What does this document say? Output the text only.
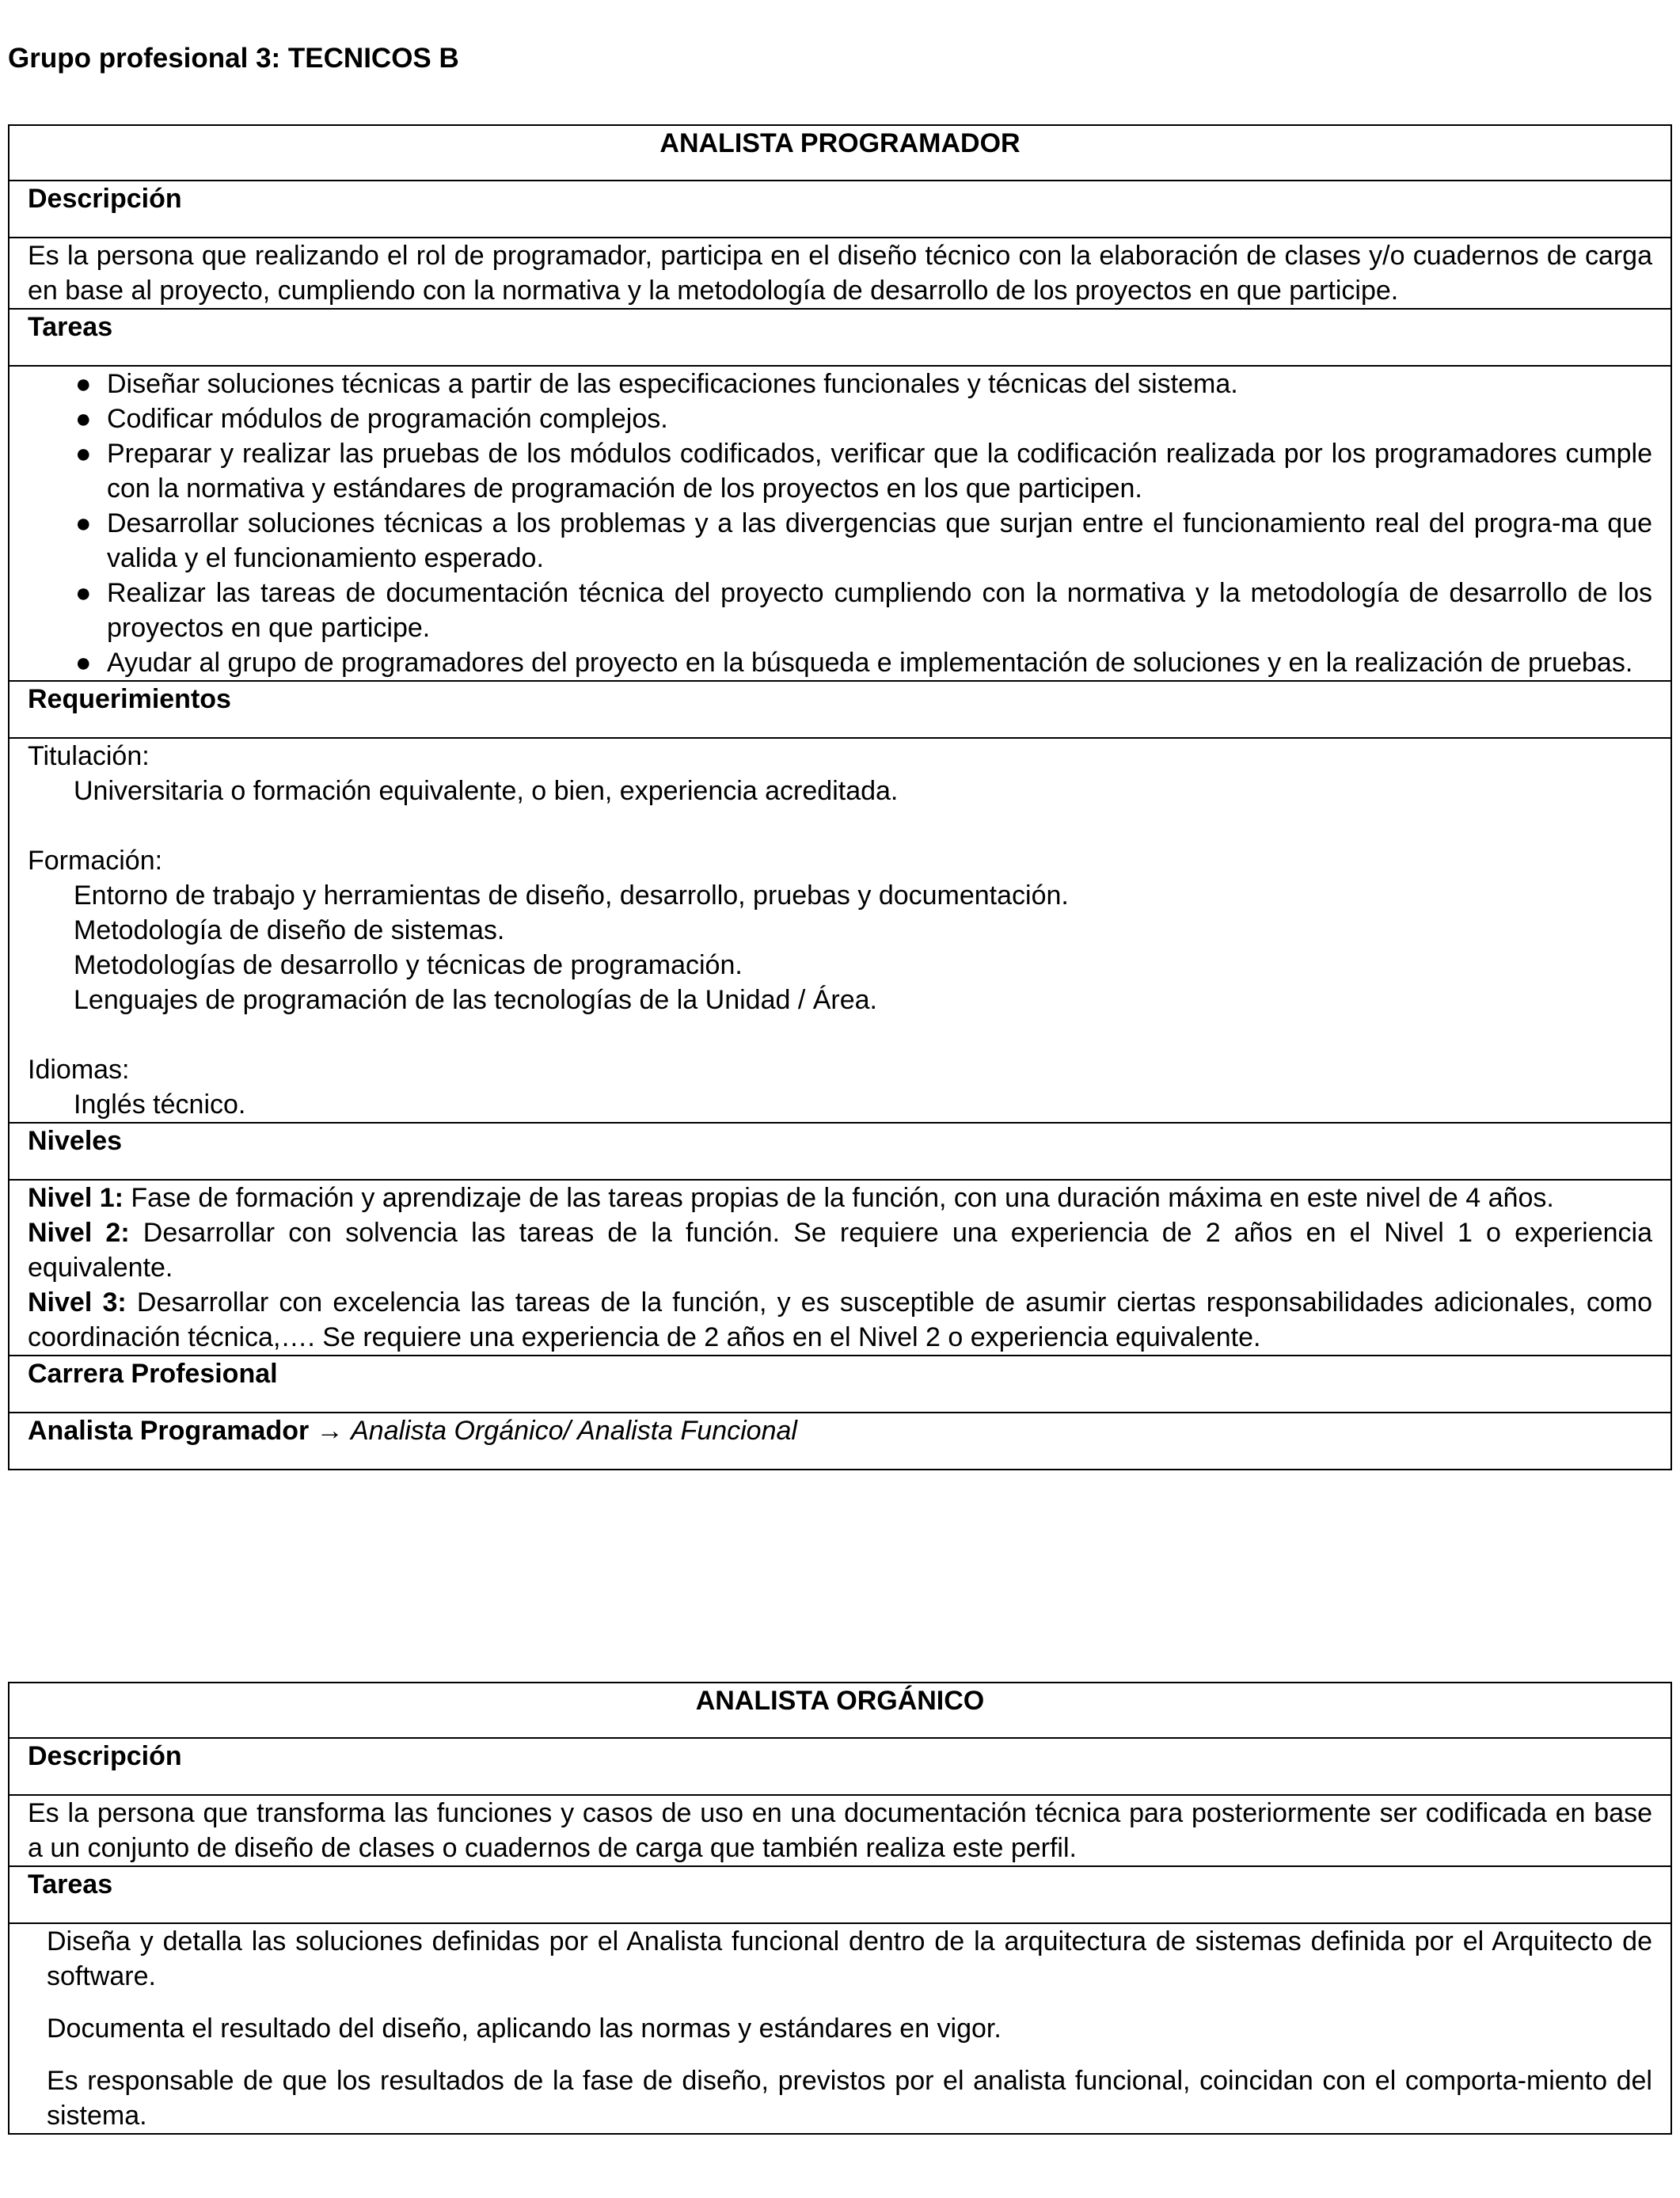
Grupo profesional 3: TECNICOS B
ANALISTA PROGRAMADOR
Descripción
Es la persona que realizando el rol de programador, participa en el diseño técnico con la elaboración de clases y/o cuadernos de carga en base al proyecto, cumpliendo con la normativa y la metodología de desarrollo de los proyectos en que participe.
Tareas

● Diseñar soluciones técnicas a partir de las especificaciones funcionales y técnicas del sistema.
● Codificar módulos de programación complejos.
● Preparar y realizar las pruebas de los módulos codificados, verificar que la codificación realizada por los programadores cumple con la normativa y estándares de programación de los proyectos en los que participen.
● Desarrollar soluciones técnicas a los problemas y a las divergencias que surjan entre el funcionamiento real del progra-ma que valida y el funcionamiento esperado.
● Realizar las tareas de documentación técnica del proyecto cumpliendo con la normativa y la metodología de desarrollo de los proyectos en que participe.
● Ayudar al grupo de programadores del proyecto en la búsqueda e implementación de soluciones y en la realización de pruebas.

Requerimientos

Titulación:

Universitaria o formación equivalente, o bien, experiencia acreditada.

Formación:

Entorno de trabajo y herramientas de diseño, desarrollo, pruebas y documentación.

Metodología de diseño de sistemas.

Metodologías de desarrollo y técnicas de programación.

Lenguajes de programación de las tecnologías de la Unidad / Área.

Idiomas:

Inglés técnico.

Niveles

Nivel 1: Fase de formación y aprendizaje de las tareas propias de la función, con una duración máxima en este nivel de 4 años.

Nivel 2: Desarrollar con solvencia las tareas de la función. Se requiere una experiencia de 2 años en el Nivel 1 o experiencia equivalente.

Nivel 3: Desarrollar con excelencia las tareas de la función, y es susceptible de asumir ciertas responsabilidades adicionales, como coordinación técnica,…. Se requiere una experiencia de 2 años en el Nivel 2 o experiencia equivalente.

Carrera Profesional
Analista Programador → Analista Orgánico/ Analista Funcional
ANALISTA ORGÁNICO
Descripción
Es la persona que transforma las funciones y casos de uso en una documentación técnica para posteriormente ser codificada en base a un conjunto de diseño de clases o cuadernos de carga que también realiza este perfil.
Tareas

Diseña y detalla las soluciones definidas por el Analista funcional dentro de la arquitectura de sistemas definida por el Arquitecto de software.

Documenta el resultado del diseño, aplicando las normas y estándares en vigor.

Es responsable de que los resultados de la fase de diseño, previstos por el analista funcional, coincidan con el comporta-miento del sistema.
